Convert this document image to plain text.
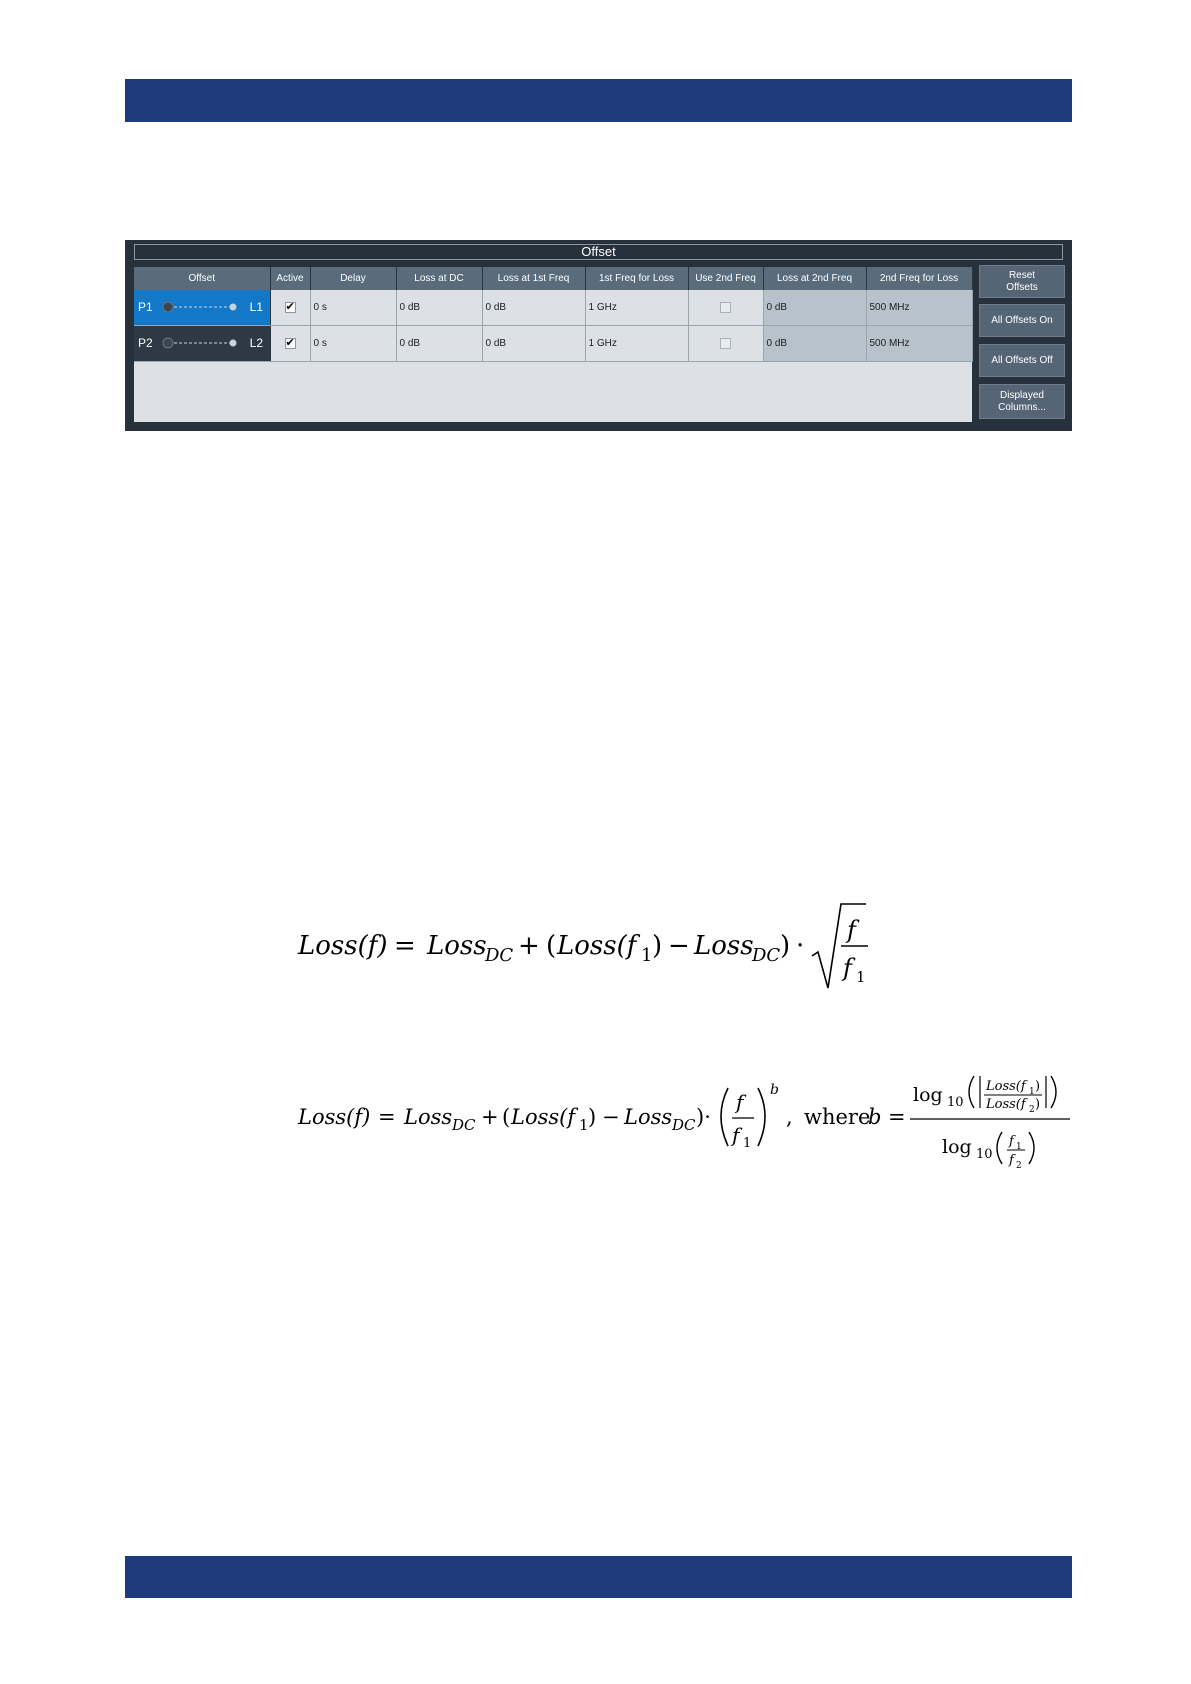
Offset
Offset	Active	Delay	Loss at DC	Loss at 1st Freq	1st Freq for Loss	Use 2nd Freq	Loss at 2nd Freq	2nd Freq for Loss

P1 L1	✔	0 s	0 dB	0 dB	1 GHz		0 dB	500 MHz

P2 L2	✔	0 s	0 dB	0 dB	1 GHz		0 dB	500 MHz
Reset
Offsets
All Offsets On
All Offsets Off
Displayed
Columns...
Loss(f) = Loss
DC + ( Loss(f 1 ) − Loss
DC ) ·
f
f 1
Loss(f) = Loss DC + ( Loss(f 1 ) − Loss DC )·
f
f 1
b
, where
b =
log 10
Loss(f 1 )
Loss(f 2 )
log 10
f 1
f 2
